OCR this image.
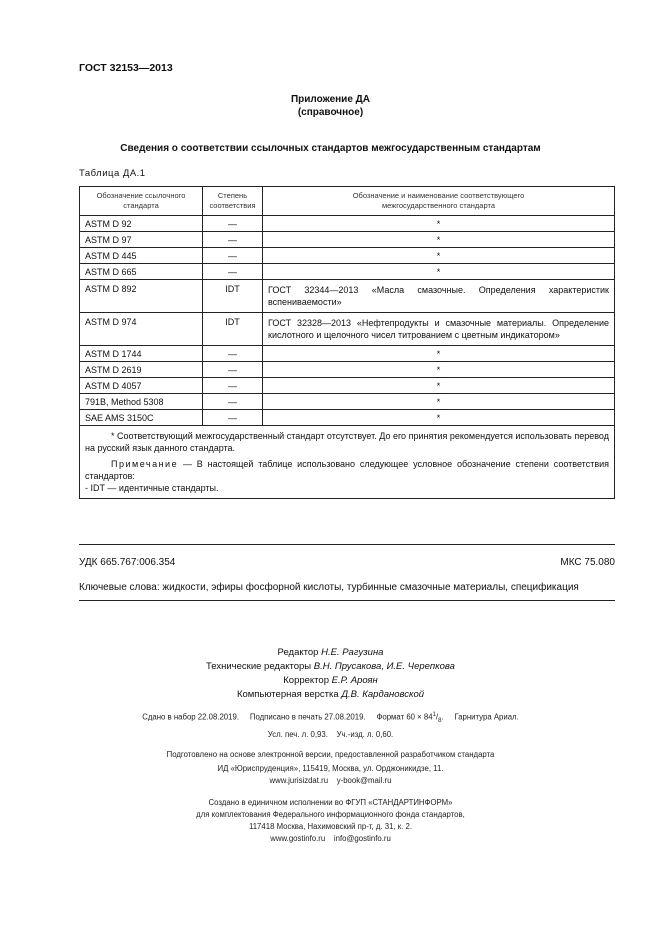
ГОСТ 32153—2013
Приложение ДА
(справочное)
Сведения о соответствии ссылочных стандартов межгосударственным стандартам
Таблица ДА.1
Обозначение ссылочного стандарта	Степень соответствия	Обозначение и наименование соответствующего межгосударственного стандарта
ASTM D 92	—	*
ASTM D 97	—	*
ASTM D 445	—	*
ASTM D 665	—	*
ASTM D 892	IDT	ГОСТ 32344—2013 «Масла смазочные. Определения характеристик вспениваемости»
ASTM D 974	IDT	ГОСТ 32328—2013 «Нефтепродукты и смазочные материалы. Определение кислотного и щелочного чисел титрованием с цветным индикатором»
ASTM D 1744	—	*
ASTM D 2619	—	*
ASTM D 4057	—	*
791B, Method 5308	—	*
SAE AMS 3150C	—	*

* Соответствующий межгосударственный стандарт отсутствует. До его принятия рекомендуется использовать перевод на русский язык данного стандарта.
Примечание — В настоящей таблице использовано следующее условное обозначение степени соответствия стандартов:
- IDT — идентичные стандарты.		
УДК 665.767:006.354	МКС 75.080
Ключевые слова: жидкости, эфиры фосфорной кислоты, турбинные смазочные материалы, спецификация
Редактор Н.Е. Рагузина
Технические редакторы В.Н. Прусакова, И.Е. Черепкова
Корректор Е.Р. Ароян
Компьютерная верстка Д.В. Кардановской
Сдано в набор 22.08.2019. Подписано в печать 27.08.2019. Формат $60 \times 84^1/_8$.     Гарнитура Ариал.
Усл. печ. л. 0,93. Уч.-изд. л. 0,60.
Подготовлено на основе электронной версии, предоставленной разработчиком стандарта
ИД «Юриспруденция», 115419, Москва, ул. Орджоникидзе, 11.
www.jurisizdat.ru y-book@mail.ru
Создано в единичном исполнении во ФГУП «СТАНДАРТИНФОРМ»
для комплектования Федерального информационного фонда стандартов,
117418 Москва, Нахимовский пр-т, д. 31, к. 2.
www.gostinfo.ru info@gostinfo.ru
